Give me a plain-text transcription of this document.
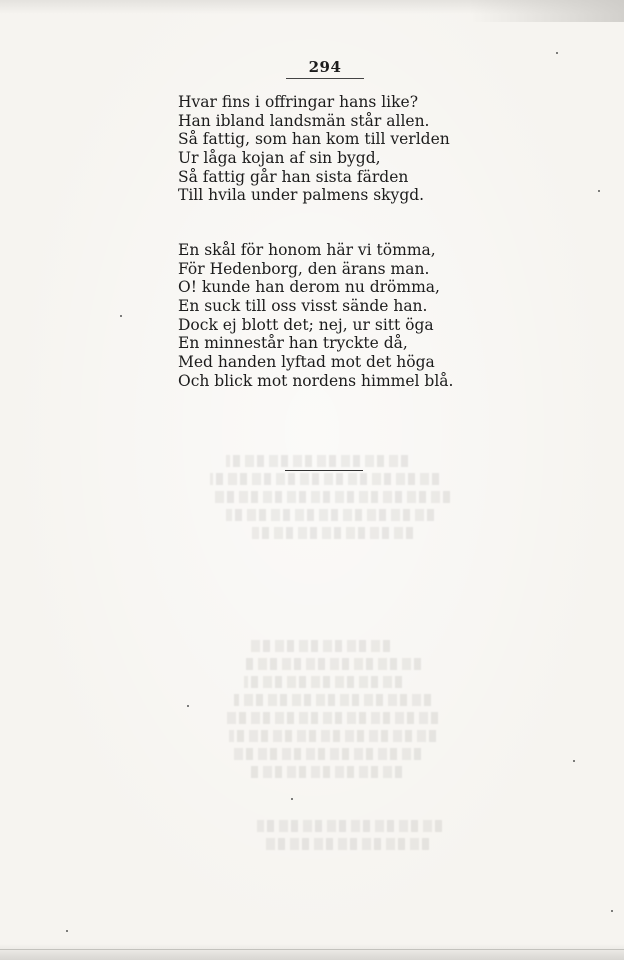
294
Hvar fins i offringar hans like?
Han ibland landsmän står allen.
Så fattig, som han kom till verlden
Ur låga kojan af sin bygd,
Så fattig går han sista färden
Till hvila under palmens skygd.
En skål för honom här vi tömma,
För Hedenborg, den ärans man.
O! kunde han derom nu drömma,
En suck till oss visst sände han.
Dock ej blott det; nej, ur sitt öga
En minnestår han tryckte då,
Med handen lyftad mot det höga
Och blick mot nordens himmel blå.
